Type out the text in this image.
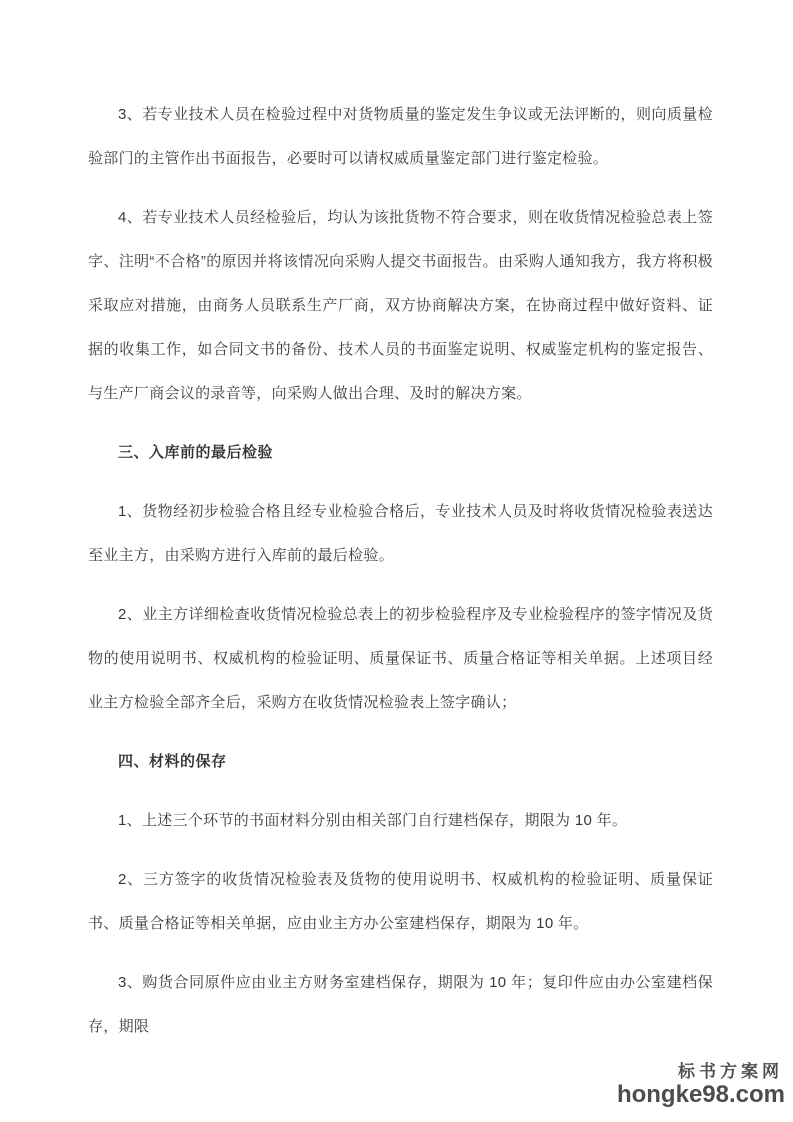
3、若专业技术人员在检验过程中对货物质量的鉴定发生争议或无法评断的，则向质量检验部门的主管作出书面报告，必要时可以请权威质量鉴定部门进行鉴定检验。

4、若专业技术人员经检验后，均认为该批货物不符合要求，则在收货情况检验总表上签字、注明“不合格”的原因并将该情况向采购人提交书面报告。由采购人通知我方，我方将积极采取应对措施，由商务人员联系生产厂商，双方协商解决方案，在协商过程中做好资料、证据的收集工作，如合同文书的备份、技术人员的书面鉴定说明、权威鉴定机构的鉴定报告、与生产厂商会议的录音等，向采购人做出合理、及时的解决方案。

三、入库前的最后检验

1、货物经初步检验合格且经专业检验合格后，专业技术人员及时将收货情况检验表送达至业主方，由采购方进行入库前的最后检验。

2、业主方详细检查收货情况检验总表上的初步检验程序及专业检验程序的签字情况及货物的使用说明书、权威机构的检验证明、质量保证书、质量合格证等相关单据。上述项目经业主方检验全部齐全后，采购方在收货情况检验表上签字确认；

四、材料的保存

1、上述三个环节的书面材料分别由相关部门自行建档保存，期限为 10 年。

2、三方签字的收货情况检验表及货物的使用说明书、权威机构的检验证明、质量保证书、质量合格证等相关单据，应由业主方办公室建档保存，期限为 10 年。

3、购货合同原件应由业主方财务室建档保存，期限为 10 年；复印件应由办公室建档保存，期限

标书方案网
hongke98.com
